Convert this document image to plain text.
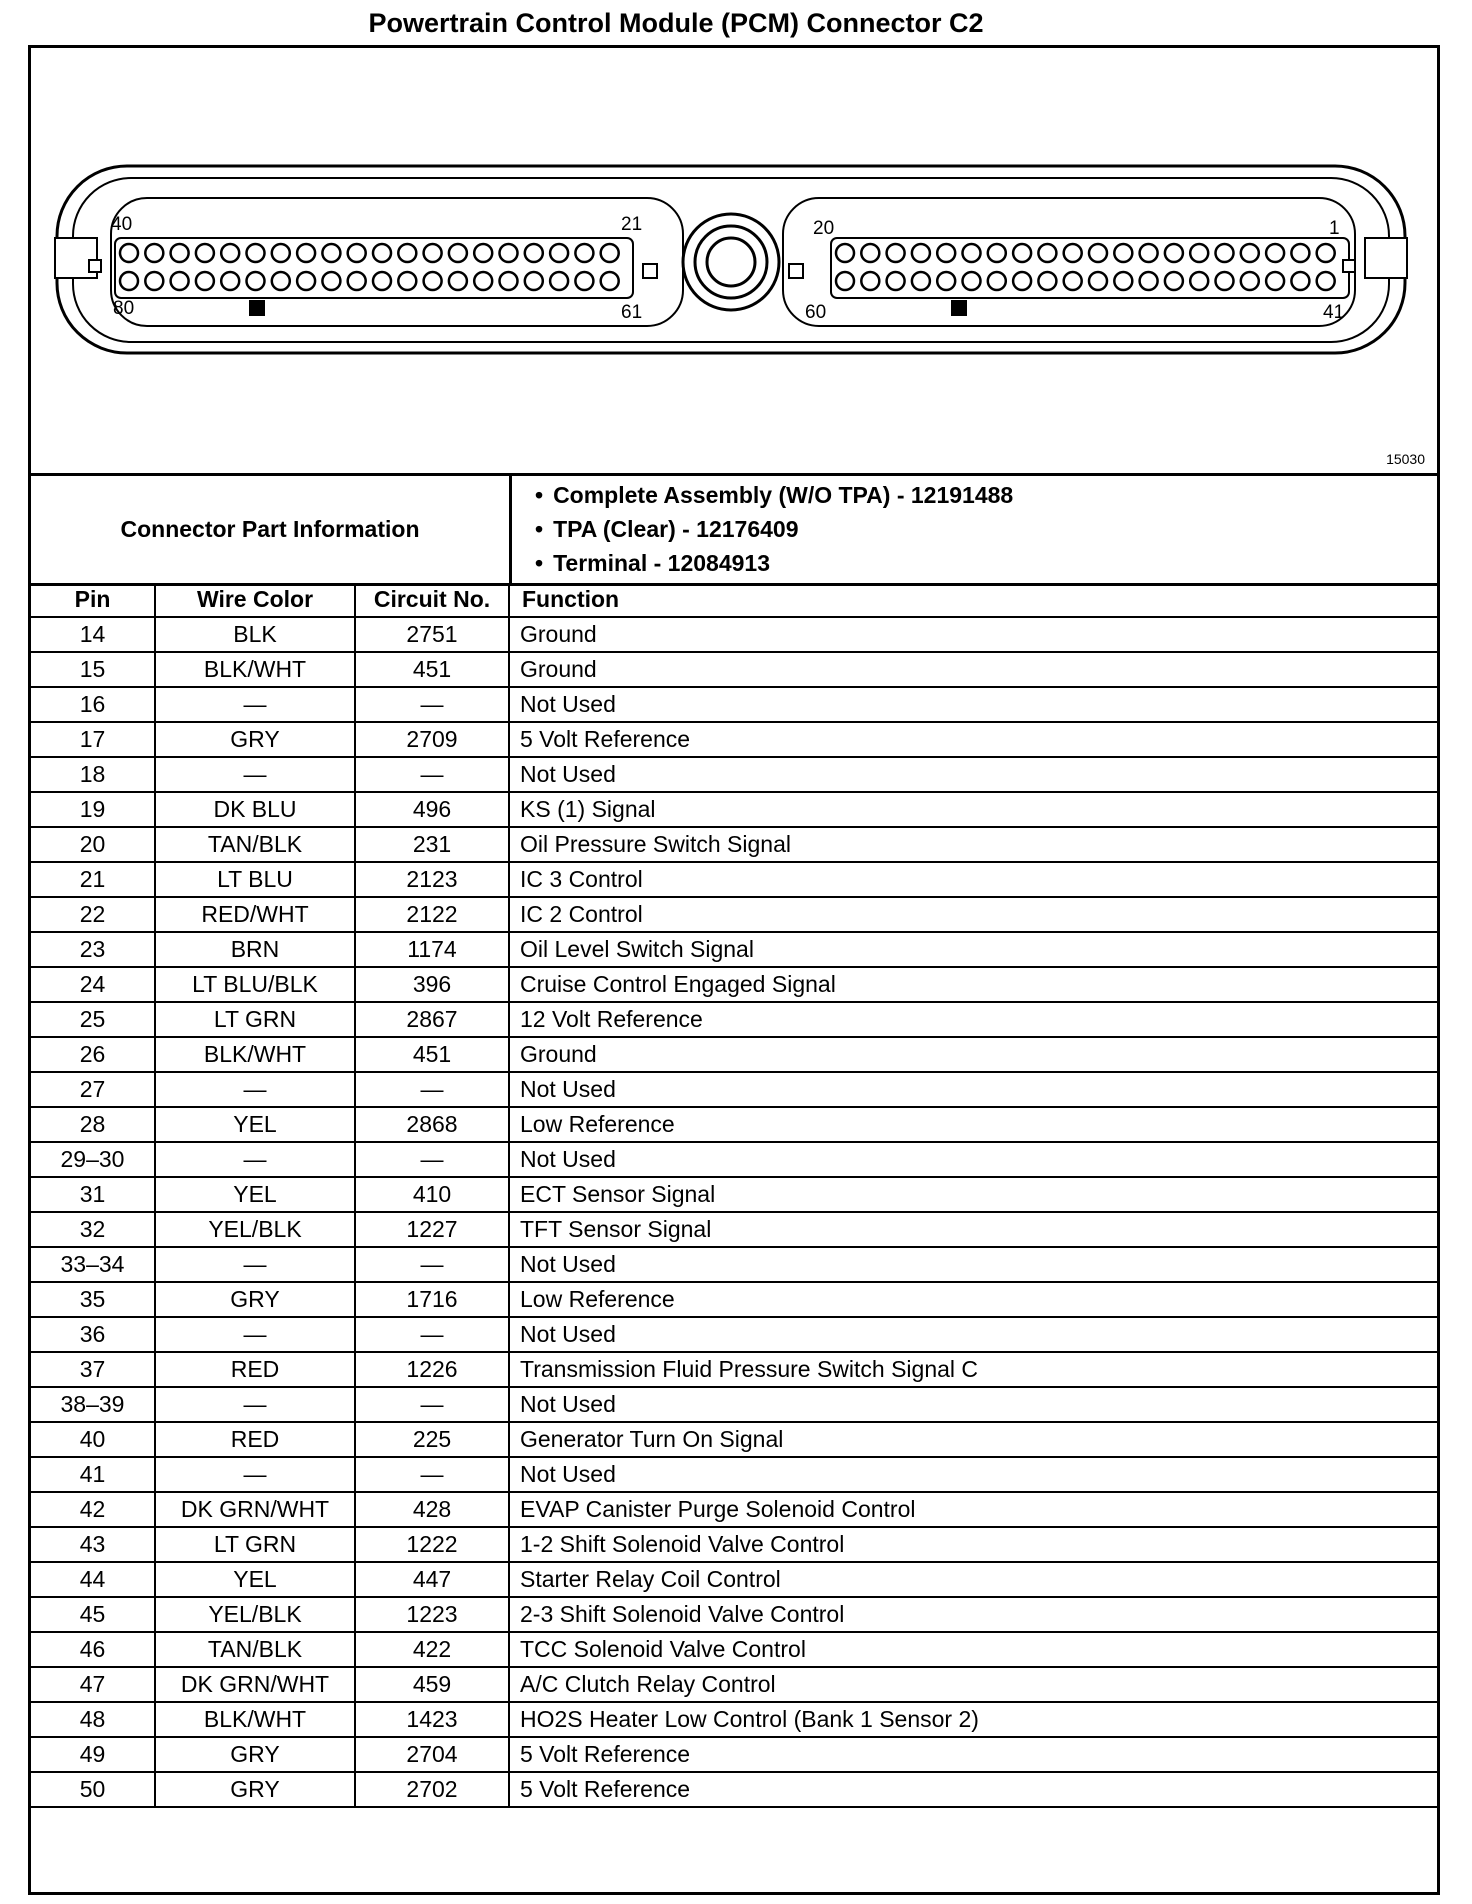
Powertrain Control Module (PCM) Connector C2
40	21
80	61
20	1
60	41
15030
Connector Part Information
• Complete Assembly (W/O TPA) - 12191488
• TPA (Clear) - 12176409
• Terminal - 12084913
Pin	Wire Color	Circuit No.	Function
14	BLK	2751	Ground
15	BLK/WHT	451	Ground
16	—	—	Not Used
17	GRY	2709	5 Volt Reference
18	—	—	Not Used
19	DK BLU	496	KS (1) Signal
20	TAN/BLK	231	Oil Pressure Switch Signal
21	LT BLU	2123	IC 3 Control
22	RED/WHT	2122	IC 2 Control
23	BRN	1174	Oil Level Switch Signal
24	LT BLU/BLK	396	Cruise Control Engaged Signal
25	LT GRN	2867	12 Volt Reference
26	BLK/WHT	451	Ground
27	—	—	Not Used
28	YEL	2868	Low Reference
29–30	—	—	Not Used
31	YEL	410	ECT Sensor Signal
32	YEL/BLK	1227	TFT Sensor Signal
33–34	—	—	Not Used
35	GRY	1716	Low Reference
36	—	—	Not Used
37	RED	1226	Transmission Fluid Pressure Switch Signal C
38–39	—	—	Not Used
40	RED	225	Generator Turn On Signal
41	—	—	Not Used
42	DK GRN/WHT	428	EVAP Canister Purge Solenoid Control
43	LT GRN	1222	1-2 Shift Solenoid Valve Control
44	YEL	447	Starter Relay Coil Control
45	YEL/BLK	1223	2-3 Shift Solenoid Valve Control
46	TAN/BLK	422	TCC Solenoid Valve Control
47	DK GRN/WHT	459	A/C Clutch Relay Control
48	BLK/WHT	1423	HO2S Heater Low Control (Bank 1 Sensor 2)
49	GRY	2704	5 Volt Reference
50	GRY	2702	5 Volt Reference
